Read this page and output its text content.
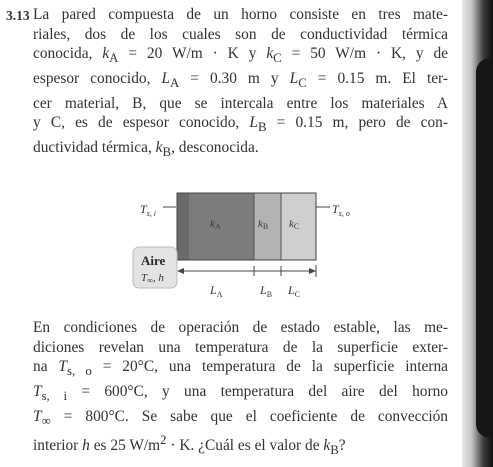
3.13 La pared compuesta de un horno consiste en tres mate-
riales, dos de los cuales son de conductividad térmica
conocida, $k_A = 20$ W/m · K y $k_C = 50$ W/m · K, y de
espesor conocido, $L_A = 0.30$ m y $L_C = 0.15$ m. El ter-
cer material, B, que se intercala entre los materiales A
y C, es de espesor conocido, $L_B = 0.15$ m, pero de con-
ductividad térmica, $k_B$, desconocida.
kA	kB kC
$T_{s, i}$	$T_{s, o}$
$L_A$	$L_B$ $L_C$
Aire
T∞, h
En condiciones de operación de estado estable, las me-
diciones revelan una temperatura de la superficie exter-
na $T_{s, o} = 20^\circ C$, una temperatura de la superficie interna
$T_{s, i} = 600^\circ C$, y una temperatura del aire del horno
$T_\infty = 800^\circ C$. Se sabe que el coeficiente de convección
interior h es 25 $W/m^2 \cdot K$. ¿Cuál es el valor de $k_B$?
